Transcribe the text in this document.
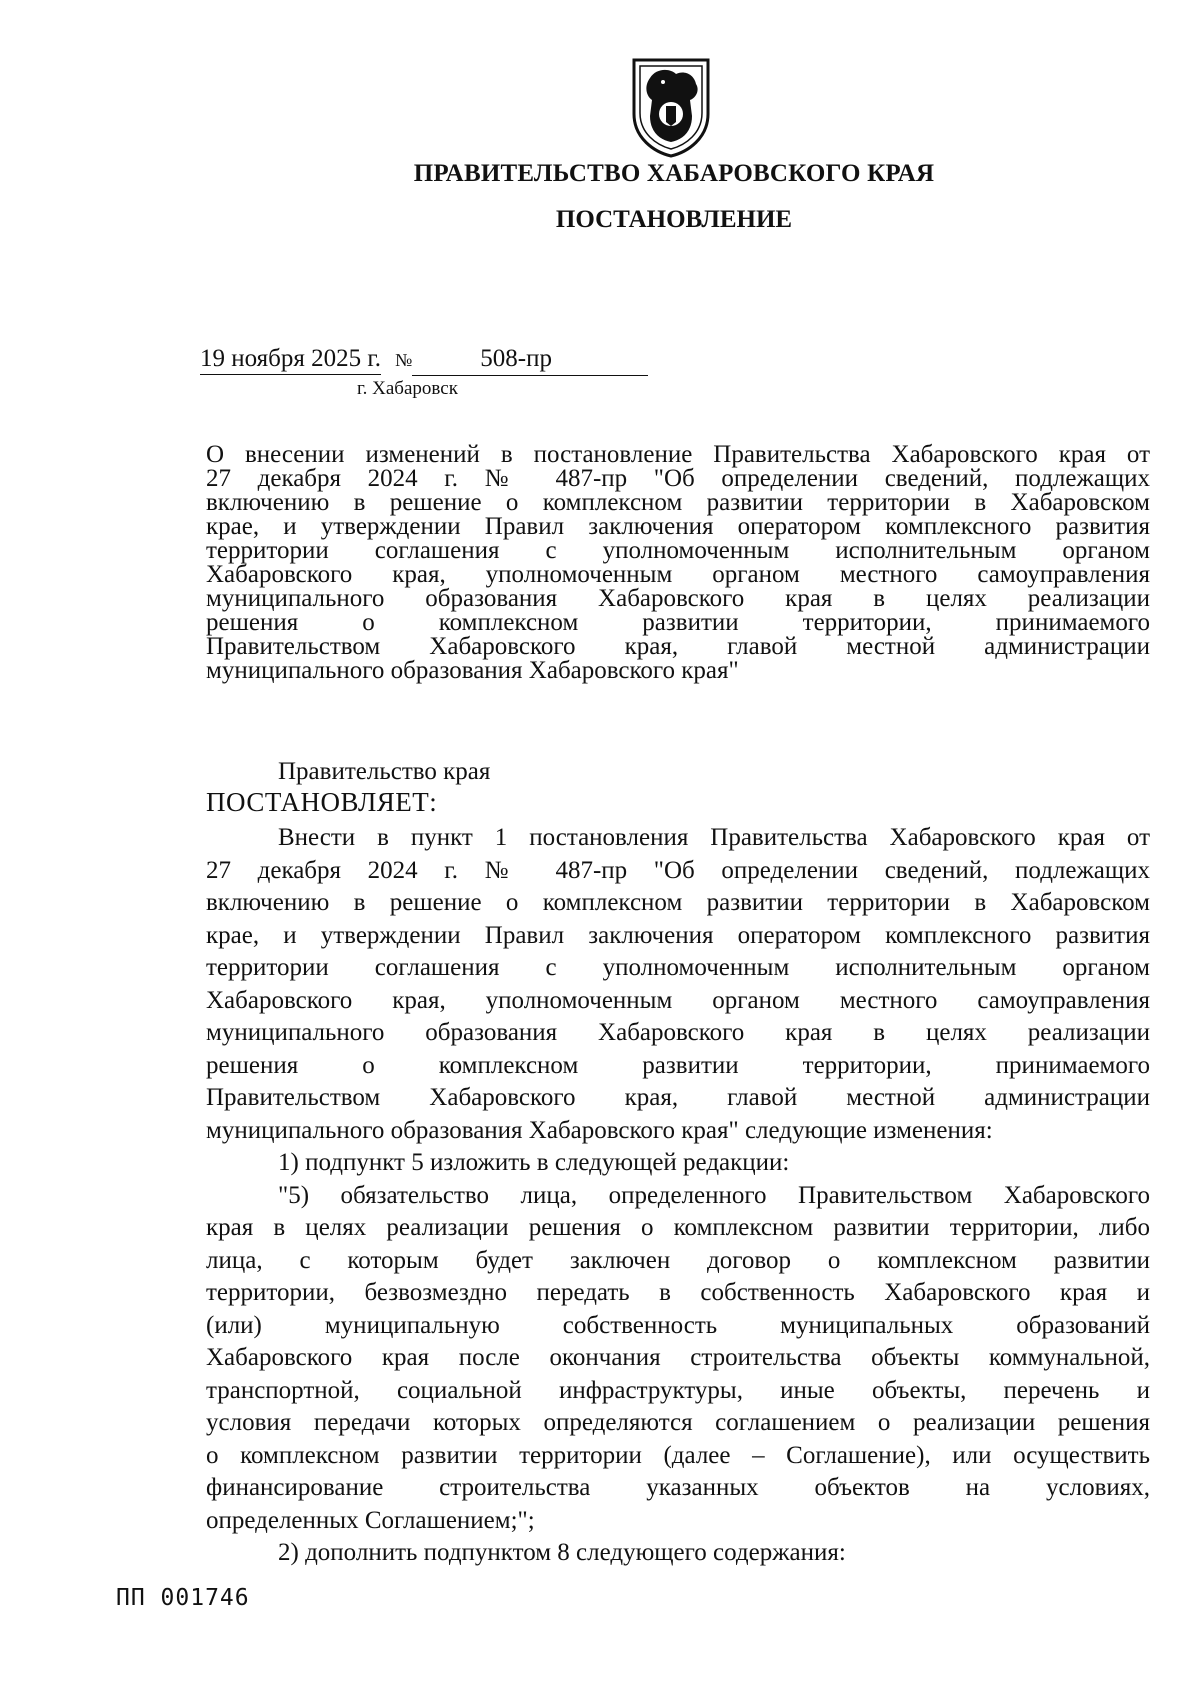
ПРАВИТЕЛЬСТВО ХАБАРОВСКОГО КРАЯ
ПОСТАНОВЛЕНИЕ
19 ноября 2025 г. №	508-пр
г. Хабаровск

О внесении изменений в постановление Правительства Хабаровского края от

27 декабря 2024 г. № 487-пр "Об определении сведений, подлежащих

включению в решение о комплексном развитии территории в Хабаровском

крае, и утверждении Правил заключения оператором комплексного развития

территории соглашения с уполномоченным исполнительным органом

Хабаровского края, уполномоченным органом местного самоуправления

муниципального образования Хабаровского края в целях реализации

решения о комплексном развитии территории, принимаемого

Правительством Хабаровского края, главой местной администрации

муниципального образования Хабаровского края"

Правительство края
ПОСТАНОВЛЯЕТ:

Внести в пункт 1 постановления Правительства Хабаровского края от

27 декабря 2024 г. № 487-пр "Об определении сведений, подлежащих

включению в решение о комплексном развитии территории в Хабаровском

крае, и утверждении Правил заключения оператором комплексного развития

территории соглашения с уполномоченным исполнительным органом

Хабаровского края, уполномоченным органом местного самоуправления

муниципального образования Хабаровского края в целях реализации

решения о комплексном развитии территории, принимаемого

Правительством Хабаровского края, главой местной администрации

муниципального образования Хабаровского края" следующие изменения:

1) подпункт 5 изложить в следующей редакции:

"5) обязательство лица, определенного Правительством Хабаровского

края в целях реализации решения о комплексном развитии территории, либо

лица, с которым будет заключен договор о комплексном развитии

территории, безвозмездно передать в собственность Хабаровского края и

(или) муниципальную собственность муниципальных образований

Хабаровского края после окончания строительства объекты коммунальной,

транспортной, социальной инфраструктуры, иные объекты, перечень и

условия передачи которых определяются соглашением о реализации решения

о комплексном развитии территории (далее – Соглашение), или осуществить

финансирование строительства указанных объектов на условиях,

определенных Соглашением;";

2) дополнить подпунктом 8 следующего содержания:

ПП 001746
